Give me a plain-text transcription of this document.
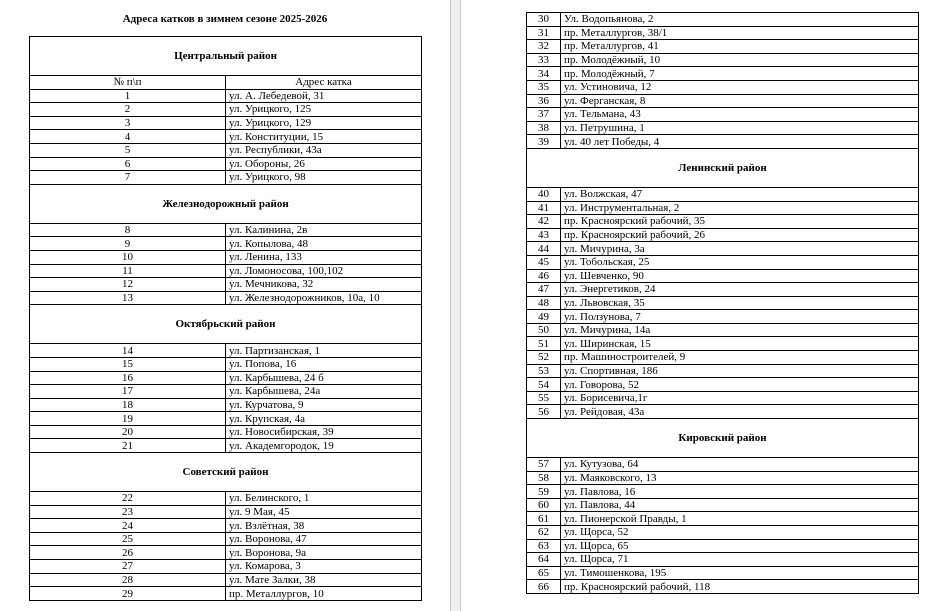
Адреса катков в зимнем сезоне 2025-2026
Центральный район	
№ п\п	Адрес катка
1	ул. А. Лебедевой, 31
2	ул. Урицкого, 125
3	ул. Урицкого, 129
4	ул. Конституции, 15
5	ул. Республики, 43а
6	ул. Обороны, 26
7	ул. Урицкого, 98
Железнодорожный район	
8	ул. Калинина, 2в
9	ул. Копылова, 48
10	ул. Ленина, 133
11	ул. Ломоносова, 100,102
12	ул. Мечникова, 32
13	ул. Железнодорожников, 10а, 10
Октябрьский район	
14	ул. Партизанская, 1
15	ул. Попова, 16
16	ул. Карбышева, 24 б
17	ул. Карбышева, 24а
18	ул. Курчатова, 9
19	ул. Крупская, 4а
20	ул. Новосибирская, 39
21	ул. Академгородок, 19
Советский район	
22	ул. Белинского, 1
23	ул. 9 Мая, 45
24	ул. Взлётная, 38
25	ул. Воронова, 47
26	ул. Воронова, 9а
27	ул. Комарова, 3
28	ул. Мате Залки, 38
29	пр. Металлургов, 10
30	Ул. Водопьянова, 2
31	пр. Металлургов, 38/1
32	пр. Металлургов, 41
33	пр. Молодёжный, 10
34	пр. Молодёжный, 7
35	ул. Устиновича, 12
36	ул. Ферганская, 8
37	ул. Тельмана, 43
38	ул. Петрушина, 1
39	ул. 40 лет Победы, 4
Ленинский район	
40	ул. Волжская, 47
41	ул. Инструментальная, 2
42	пр. Красноярский рабочий, 35
43	пр. Красноярский рабочий, 26
44	ул. Мичурина, 3а
45	ул. Тобольская, 25
46	ул. Шевченко, 90
47	ул. Энергетиков, 24
48	ул. Львовская, 35
49	ул. Ползунова, 7
50	ул. Мичурина, 14а
51	ул. Ширинская, 15
52	пр. Машиностроителей, 9
53	ул. Спортивная, 186
54	ул. Говорова, 52
55	ул. Борисевича,1г
56	ул. Рейдовая, 43а
Кировский район	
57	ул. Кутузова, 64
58	ул. Маяковского, 13
59	ул. Павлова, 16
60	ул. Павлова, 44
61	ул. Пионерской Правды, 1
62	ул. Щорса, 52
63	ул. Щорса, 65
64	ул. Щорса, 71
65	ул. Тимошенкова, 195
66	пр. Красноярский рабочий, 118
